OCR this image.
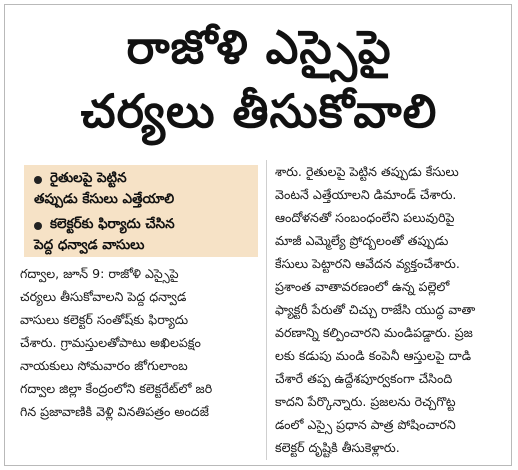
రాజోళి ఎస్సైపై
చర్యలు తీసుకోవాలి
రైతులపై పెట్టిన
తప్పుడు కేసులు ఎత్తేయాలి
కలెక్టర్‌కు ఫిర్యాదు చేసిన
పెద్ద ధన్వాడ వాసులు
గద్వాల, జూన్ 9: రాజోళి ఎస్సైపై
చర్యలు తీసుకోవాలని పెద్ద ధన్వాడ
వాసులు కలెక్టర్ సంతోష్‌కు ఫిర్యాదు
చేశారు. గ్రామస్తులతోపాటు అఖిలపక్షం
నాయకులు సోమవారం జోగులాంబ
గద్వాల జిల్లా కేంద్రంలోని కలెక్టరేట్‌లో జరి
గిన ప్రజావాణికి వెళ్లి వినతిపత్రం అందజే
శారు. రైతులపై పెట్టిన తప్పుడు కేసులు
వెంటనే ఎత్తేయాలని డిమాండ్ చేశారు.
ఆందోళనతో సంబంధంలేని పలువురిపై
మాజీ ఎమ్మెల్యే ప్రోద్బలంతో తప్పుడు
కేసులు పెట్టారని ఆవేదన వ్యక్తంచేశారు.
ప్రశాంత వాతావరణంలో ఉన్న పల్లెలో
ఫ్యాక్టరీ పేరుతో చిచ్చు రాజేసి యుద్ధ వాతా
వరణాన్ని కల్పించారని మండిపడ్డారు. ప్రజ
లకు కడుపు మండి కంపెనీ ఆస్తులపై దాడి
చేశారే తప్ప ఉద్దేశపూర్వకంగా చేసింది
కాదని పేర్కొన్నారు. ప్రజలను రెచ్చగొట్ట
డంలో ఎస్సై ప్రధాన పాత్ర పోషించారని
కలెక్టర్ దృష్టికి తీసుకెళ్లారు.
